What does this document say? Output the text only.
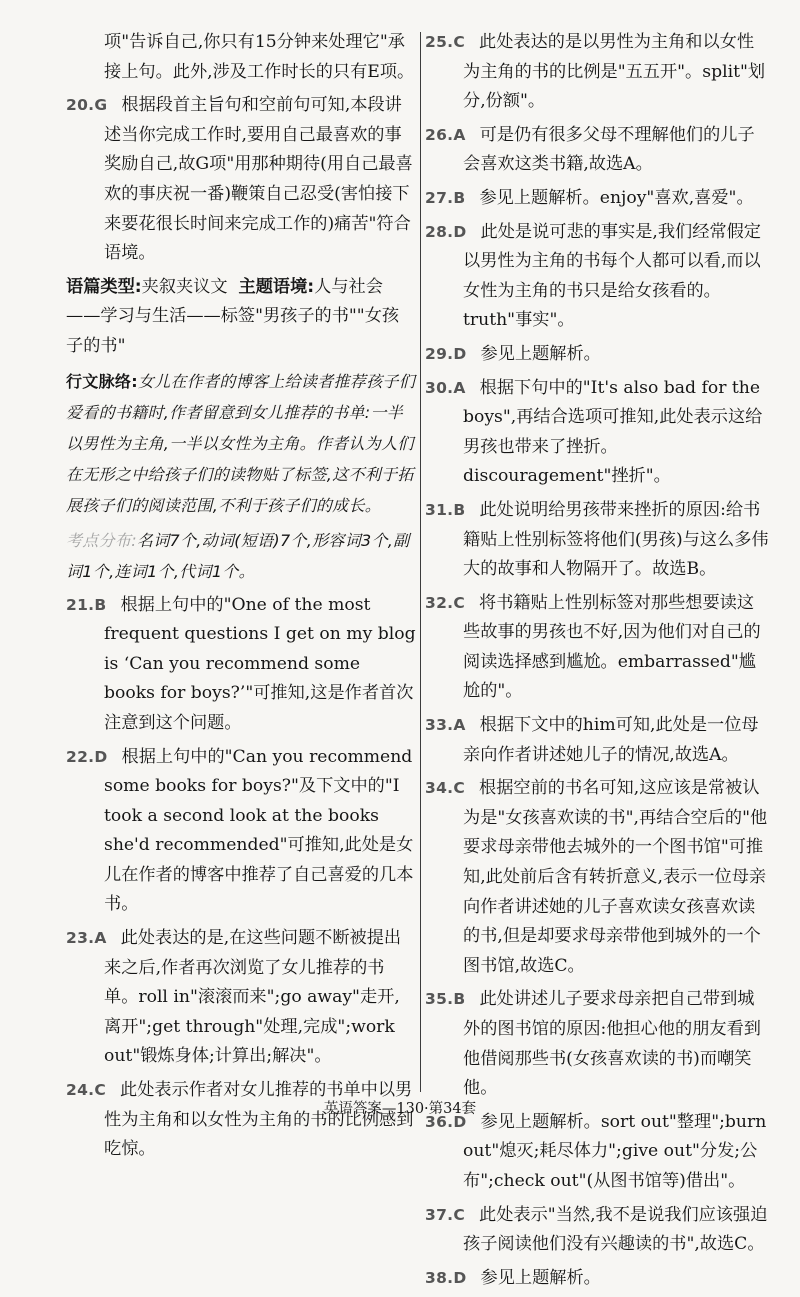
项"告诉自己,你只有15分钟来处理它"承接上句。此外,涉及工作时长的只有E项。
20.G 根据段首主旨句和空前句可知,本段讲述当你完成工作时,要用自己最喜欢的事奖励自己,故G项"用那种期待(用自己最喜欢的事庆祝一番)鞭策自己忍受(害怕接下来要花很长时间来完成工作的)痛苦"符合语境。
语篇类型:夹叙夹议文 主题语境:人与社会——学习与生活——标签"男孩子的书""女孩子的书"
行文脉络:女儿在作者的博客上给读者推荐孩子们爱看的书籍时,作者留意到女儿推荐的书单:一半以男性为主角,一半以女性为主角。作者认为人们在无形之中给孩子们的读物贴了标签,这不利于拓展孩子们的阅读范围,不利于孩子们的成长。
考点分布:名词7个,动词(短语)7个,形容词3个,副词1个,连词1个,代词1个。
21.B 根据上句中的"One of the most frequent questions I get on my blog is ‘Can you recommend some books for boys?’"可推知,这是作者首次注意到这个问题。
22.D 根据上句中的"Can you recommend some books for boys?"及下文中的"I took a second look at the books she'd recommended"可推知,此处是女儿在作者的博客中推荐了自己喜爱的几本书。
23.A 此处表达的是,在这些问题不断被提出来之后,作者再次浏览了女儿推荐的书单。roll in"滚滚而来";go away"走开,离开";get through"处理,完成";work out"锻炼身体;计算出;解决"。
24.C 此处表示作者对女儿推荐的书单中以男性为主角和以女性为主角的书的比例感到吃惊。
25.C 此处表达的是以男性为主角和以女性为主角的书的比例是"五五开"。split"划分,份额"。
26.A 可是仍有很多父母不理解他们的儿子会喜欢这类书籍,故选A。
27.B 参见上题解析。enjoy"喜欢,喜爱"。
28.D 此处是说可悲的事实是,我们经常假定以男性为主角的书每个人都可以看,而以女性为主角的书只是给女孩看的。truth"事实"。
29.D 参见上题解析。
30.A 根据下句中的"It's also bad for the boys",再结合选项可推知,此处表示这给男孩也带来了挫折。discouragement"挫折"。
31.B 此处说明给男孩带来挫折的原因:给书籍贴上性别标签将他们(男孩)与这么多伟大的故事和人物隔开了。故选B。
32.C 将书籍贴上性别标签对那些想要读这些故事的男孩也不好,因为他们对自己的阅读选择感到尴尬。embarrassed"尴尬的"。
33.A 根据下文中的him可知,此处是一位母亲向作者讲述她儿子的情况,故选A。
34.C 根据空前的书名可知,这应该是常被认为是"女孩喜欢读的书",再结合空后的"他要求母亲带他去城外的一个图书馆"可推知,此处前后含有转折意义,表示一位母亲向作者讲述她的儿子喜欢读女孩喜欢读的书,但是却要求母亲带他到城外的一个图书馆,故选C。
35.B 此处讲述儿子要求母亲把自己带到城外的图书馆的原因:他担心他的朋友看到他借阅那些书(女孩喜欢读的书)而嘲笑他。
36.D 参见上题解析。sort out"整理";burn out"熄灭;耗尽体力";give out"分发;公布";check out"(从图书馆等)借出"。
37.C 此处表示"当然,我不是说我们应该强迫孩子阅读他们没有兴趣读的书",故选C。
38.D 参见上题解析。
英语答案—130·第34套
